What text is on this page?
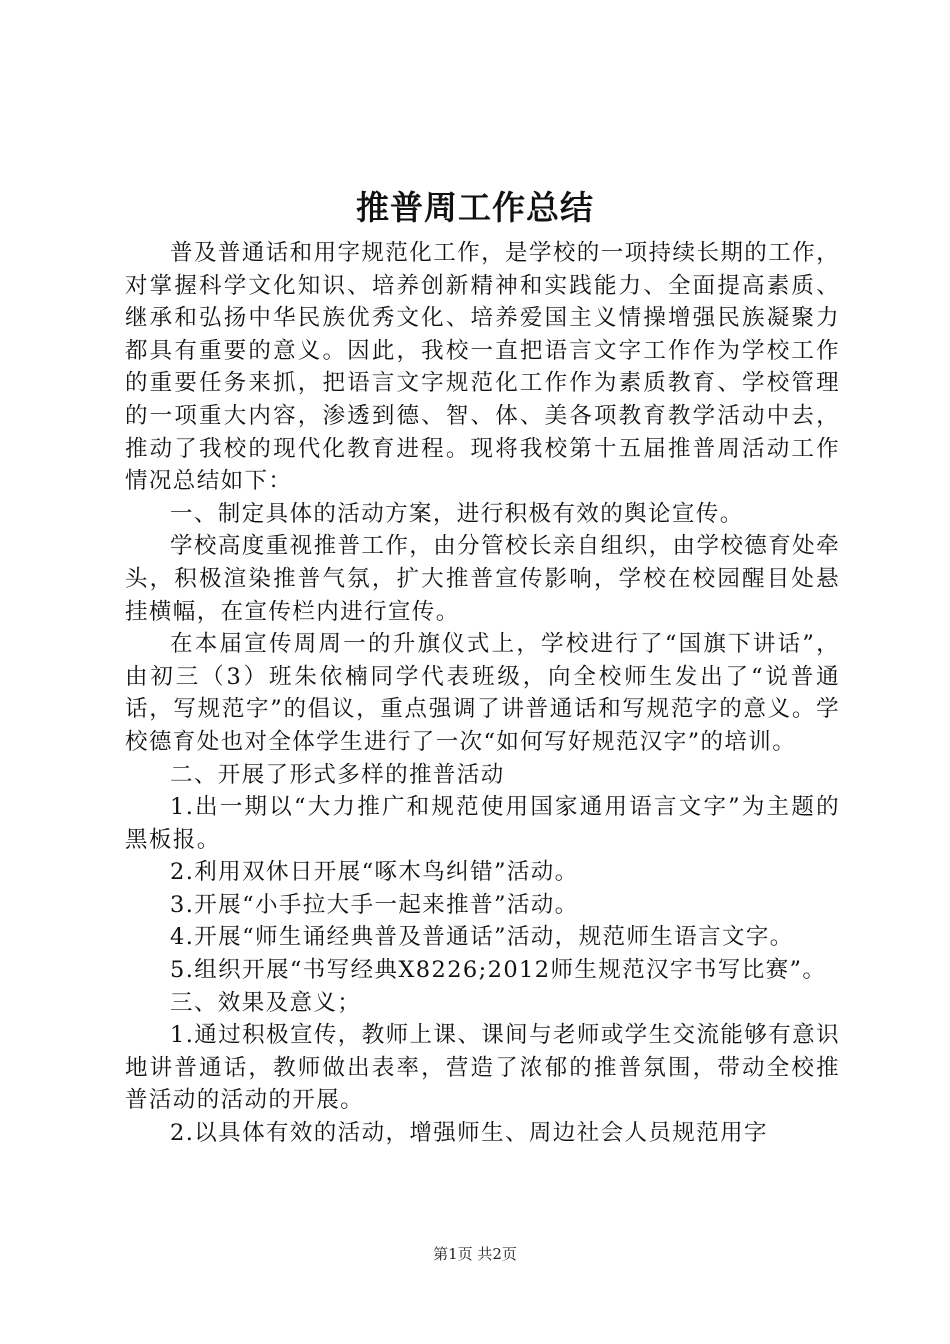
推普周工作总结

普及普通话和用字规范化工作，是学校的一项持续长期的工作，对掌握科学文化知识、培养创新精神和实践能力、全面提高素质、继承和弘扬中华民族优秀文化、培养爱国主义情操增强民族凝聚力都具有重要的意义。因此，我校一直把语言文字工作作为学校工作的重要任务来抓，把语言文字规范化工作作为素质教育、学校管理的一项重大内容，渗透到德、智、体、美各项教育教学活动中去，推动了我校的现代化教育进程。现将我校第十五届推普周活动工作情况总结如下：

一、制定具体的活动方案，进行积极有效的舆论宣传。

学校高度重视推普工作，由分管校长亲自组织，由学校德育处牵头，积极渲染推普气氛，扩大推普宣传影响，学校在校园醒目处悬挂横幅，在宣传栏内进行宣传。

在本届宣传周周一的升旗仪式上，学校进行了“国旗下讲话”，由初三（3）班朱依楠同学代表班级，向全校师生发出了“说普通话，写规范字”的倡议，重点强调了讲普通话和写规范字的意义。学校德育处也对全体学生进行了一次“如何写好规范汉字”的培训。

二、开展了形式多样的推普活动

1.出一期以“大力推广和规范使用国家通用语言文字”为主题的黑板报。

2.利用双休日开展“啄木鸟纠错”活动。

3.开展“小手拉大手一起来推普”活动。

4.开展“师生诵经典普及普通话”活动，规范师生语言文字。

5.组织开展“书写经典X8226;2012师生规范汉字书写比赛”。

三、效果及意义；

1.通过积极宣传，教师上课、课间与老师或学生交流能够有意识地讲普通话，教师做出表率，营造了浓郁的推普氛围，带动全校推普活动的活动的开展。

2.以具体有效的活动，增强师生、周边社会人员规范用字

第1页 共2页
